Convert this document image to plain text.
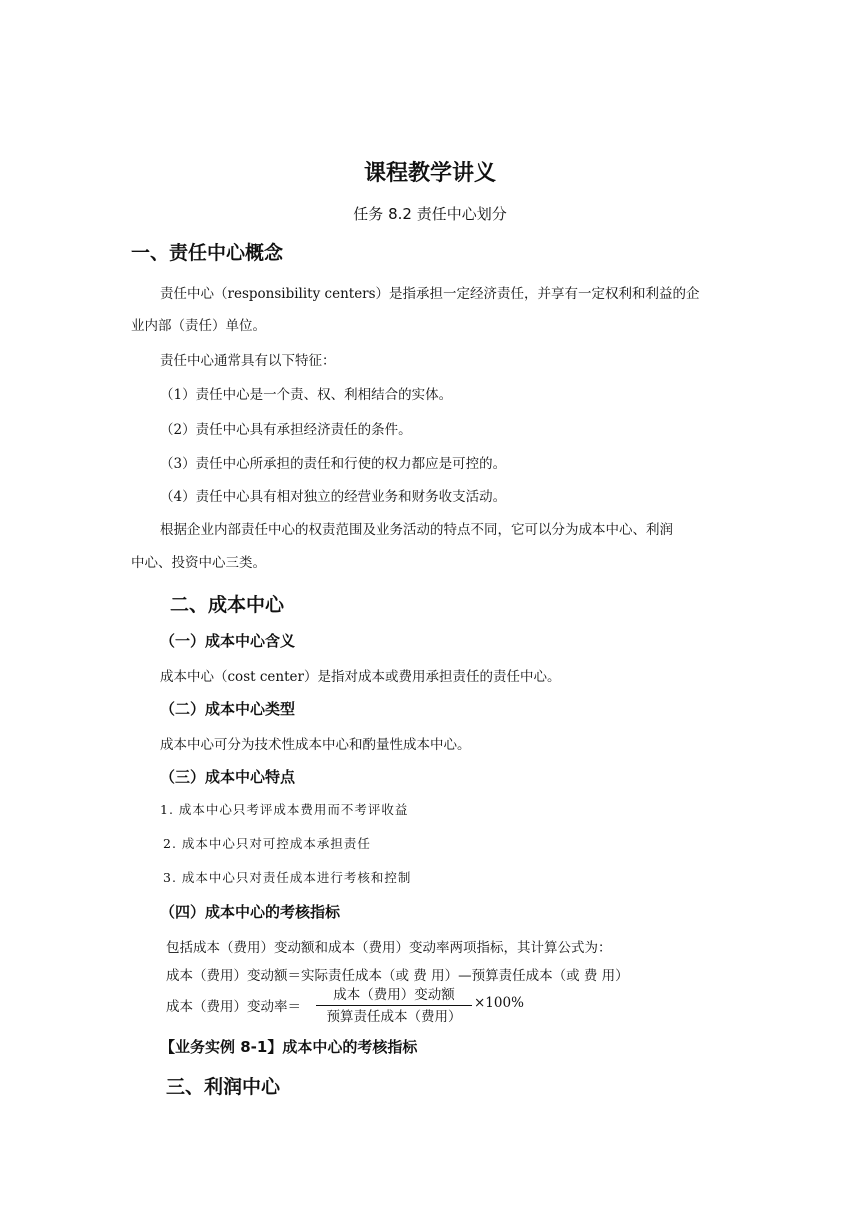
课程教学讲义
任务 8.2 责任中心划分
一、责任中心概念
责任中心（responsibility centers）是指承担一定经济责任，并享有一定权利和利益的企
业内部（责任）单位。
责任中心通常具有以下特征：
（1）责任中心是一个责、权、利相结合的实体。
（2）责任中心具有承担经济责任的条件。
（3）责任中心所承担的责任和行使的权力都应是可控的。
（4）责任中心具有相对独立的经营业务和财务收支活动。
根据企业内部责任中心的权责范围及业务活动的特点不同，它可以分为成本中心、利润
中心、投资中心三类。
二、成本中心
（一）成本中心含义
成本中心（cost center）是指对成本或费用承担责任的责任中心。
（二）成本中心类型
成本中心可分为技术性成本中心和酌量性成本中心。
（三）成本中心特点
1. 成本中心只考评成本费用而不考评收益
2. 成本中心只对可控成本承担责任
3. 成本中心只对责任成本进行考核和控制
（四）成本中心的考核指标
包括成本（费用）变动额和成本（费用）变动率两项指标，其计算公式为：
成本（费用）变动额＝实际责任成本（或 费 用）—预算责任成本（或 费 用）
成本（费用）变动率＝
成本（费用）变动额
预算责任成本（费用）
×100%
【业务实例 8-1】成本中心的考核指标
三、利润中心
